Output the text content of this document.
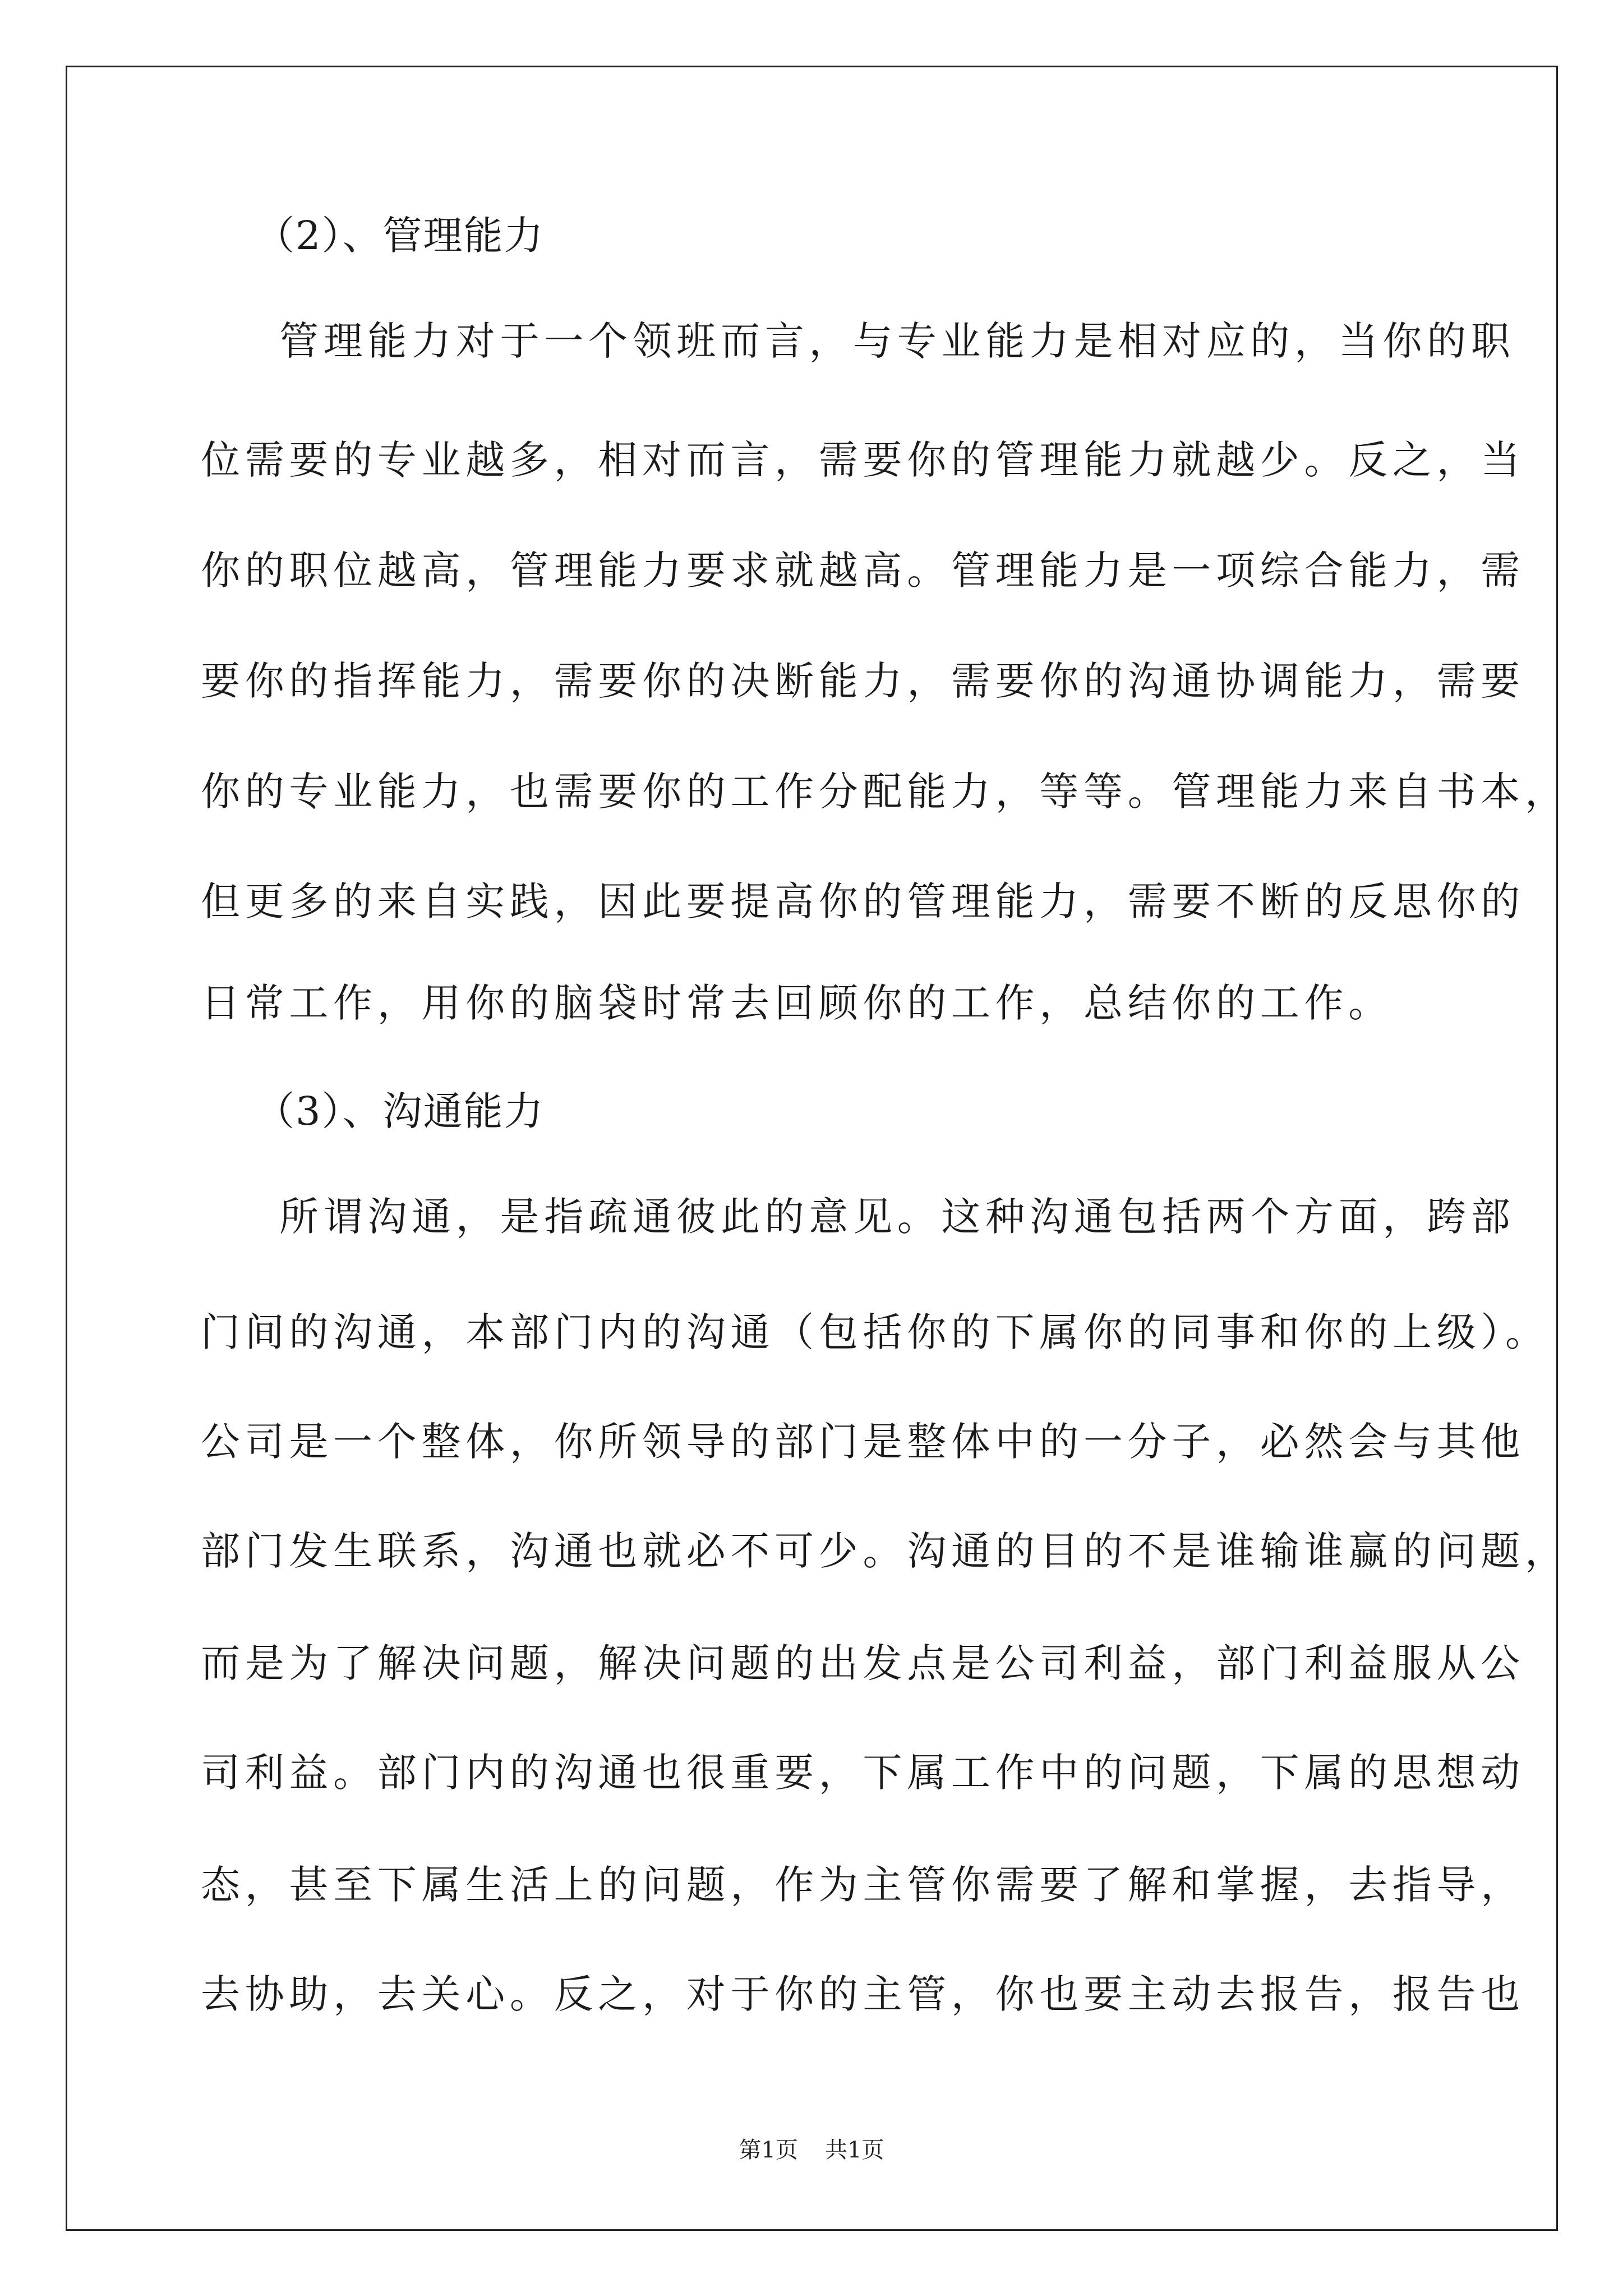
（2）、管理能力
管理能力对于一个领班而言，与专业能力是相对应的，当你的职
位需要的专业越多，相对而言，需要你的管理能力就越少。反之，当
你的职位越高，管理能力要求就越高。管理能力是一项综合能力，需
要你的指挥能力，需要你的决断能力，需要你的沟通协调能力，需要
你的专业能力，也需要你的工作分配能力，等等。管理能力来自书本，
但更多的来自实践，因此要提高你的管理能力，需要不断的反思你的
日常工作，用你的脑袋时常去回顾你的工作，总结你的工作。
（3）、沟通能力
所谓沟通，是指疏通彼此的意见。这种沟通包括两个方面，跨部
门间的沟通，本部门内的沟通（包括你的下属你的同事和你的上级）。
公司是一个整体，你所领导的部门是整体中的一分子，必然会与其他
部门发生联系，沟通也就必不可少。沟通的目的不是谁输谁赢的问题，
而是为了解决问题，解决问题的出发点是公司利益，部门利益服从公
司利益。部门内的沟通也很重要，下属工作中的问题，下属的思想动
态，甚至下属生活上的问题，作为主管你需要了解和掌握，去指导，
去协助，去关心。反之，对于你的主管，你也要主动去报告，报告也
第1页 共1页
